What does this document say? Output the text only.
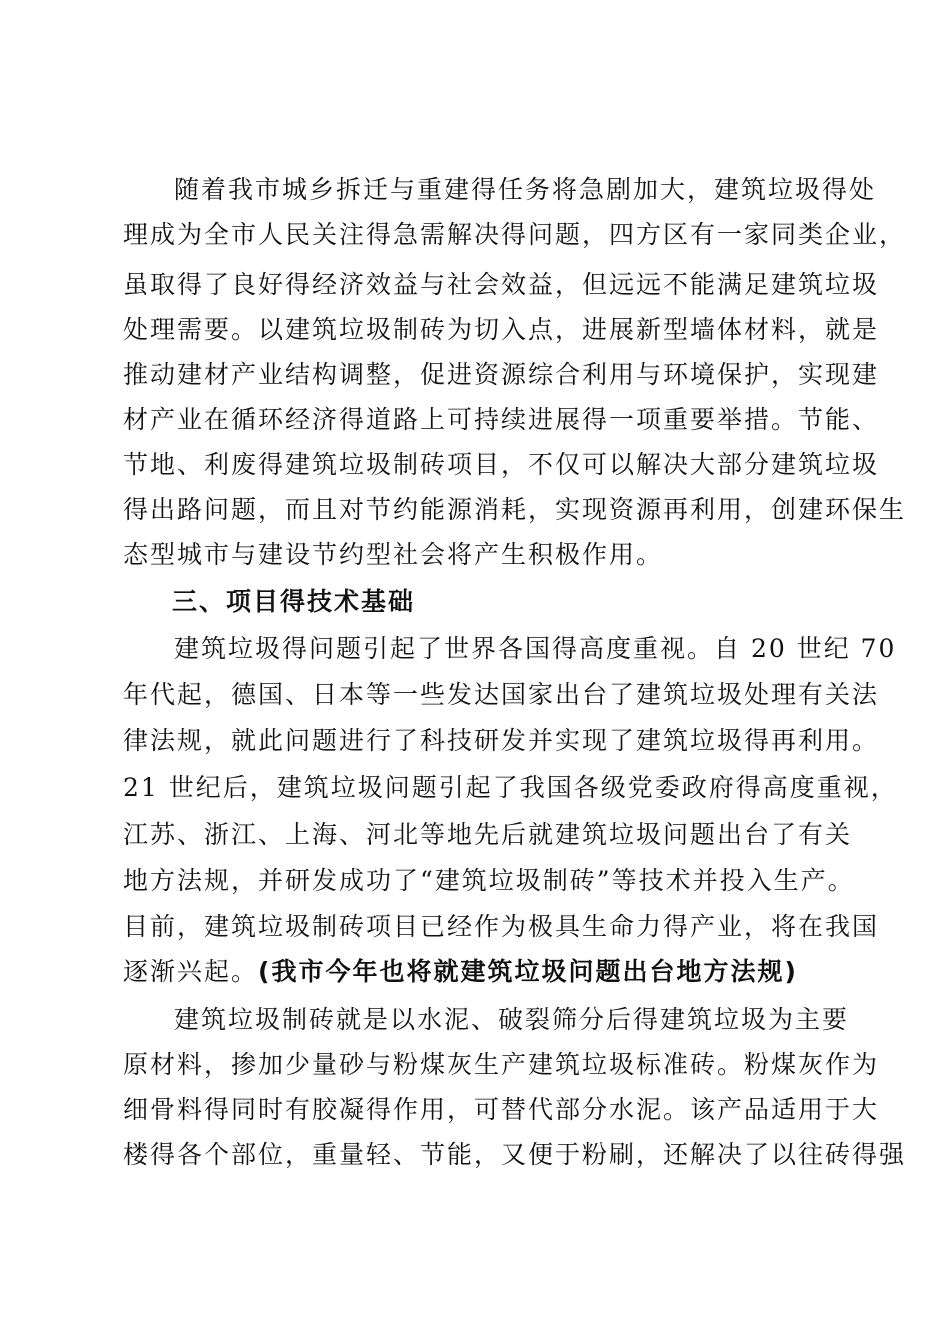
随着我市城乡拆迁与重建得任务将急剧加大，建筑垃圾得处
理成为全市人民关注得急需解决得问题，四方区有一家同类企业，
虽取得了良好得经济效益与社会效益，但远远不能满足建筑垃圾
处理需要。以建筑垃圾制砖为切入点，进展新型墙体材料，就是
推动建材产业结构调整，促进资源综合利用与环境保护，实现建
材产业在循环经济得道路上可持续进展得一项重要举措。节能、
节地、利废得建筑垃圾制砖项目，不仅可以解决大部分建筑垃圾
得出路问题，而且对节约能源消耗，实现资源再利用，创建环保生
态型城市与建设节约型社会将产生积极作用。
三、项目得技术基础
建筑垃圾得问题引起了世界各国得高度重视。自 20 世纪 70
年代起，德国、日本等一些发达国家出台了建筑垃圾处理有关法
律法规，就此问题进行了科技研发并实现了建筑垃圾得再利用。
21 世纪后，建筑垃圾问题引起了我国各级党委政府得高度重视，
江苏、浙江、上海、河北等地先后就建筑垃圾问题出台了有关
地方法规，并研发成功了“建筑垃圾制砖”等技术并投入生产。
目前，建筑垃圾制砖项目已经作为极具生命力得产业，将在我国
逐渐兴起。(我市今年也将就建筑垃圾问题出台地方法规)
建筑垃圾制砖就是以水泥、破裂筛分后得建筑垃圾为主要
原材料，掺加少量砂与粉煤灰生产建筑垃圾标准砖。粉煤灰作为
细骨料得同时有胶凝得作用，可替代部分水泥。该产品适用于大
楼得各个部位，重量轻、节能，又便于粉刷，还解决了以往砖得强
